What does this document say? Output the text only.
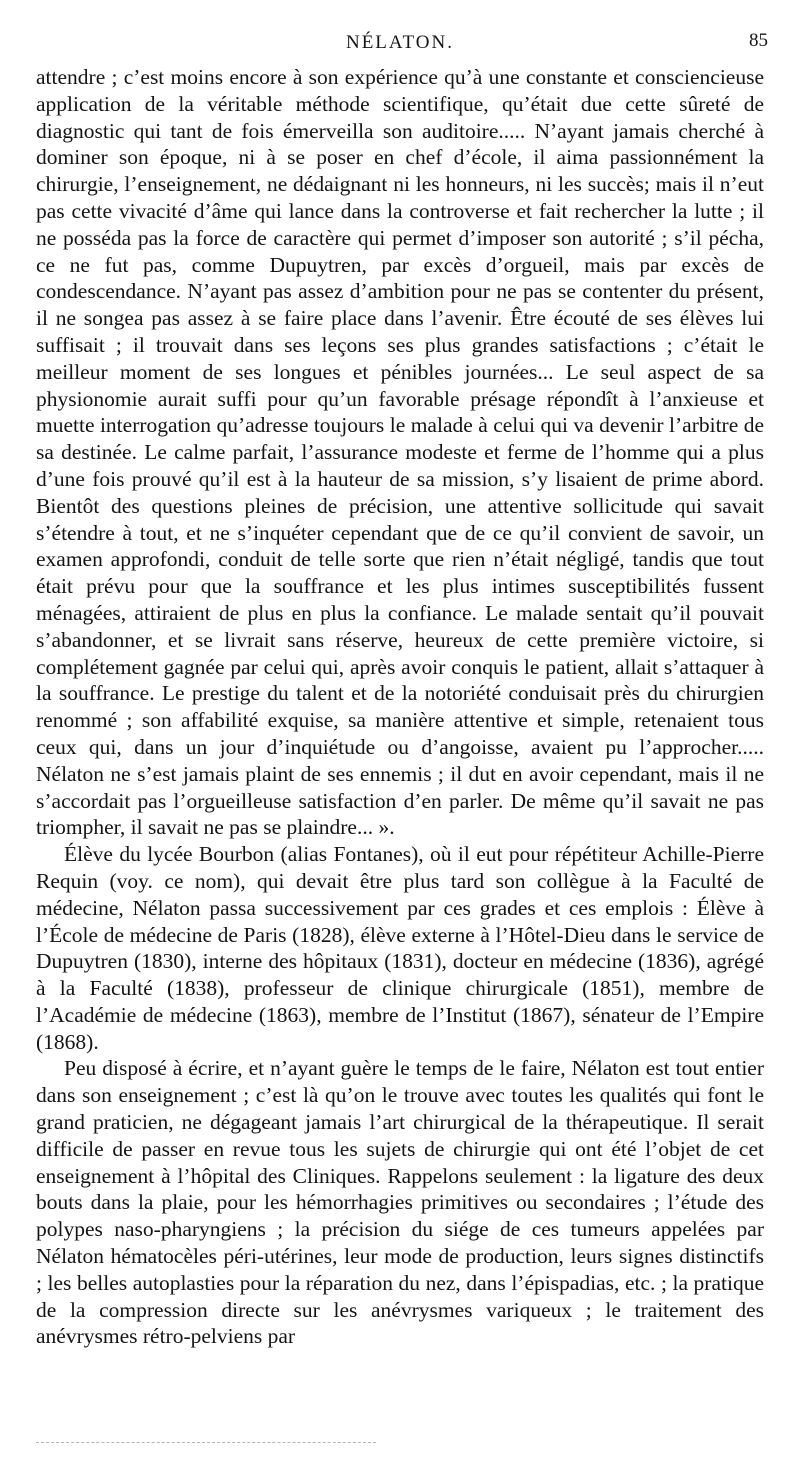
NÉLATON.	85

attendre ; c’est moins encore à son expérience qu’à une constante et consciencieuse application de la véritable méthode scientifique, qu’était due cette sûreté de diagnostic qui tant de fois émerveilla son auditoire..... N’ayant jamais cherché à dominer son époque, ni à se poser en chef d’école, il aima passionnément la chirurgie, l’enseignement, ne dédaignant ni les honneurs, ni les succès; mais il n’eut pas cette vivacité d’âme qui lance dans la controverse et fait rechercher la lutte ; il ne posséda pas la force de caractère qui permet d’imposer son autorité ; s’il pécha, ce ne fut pas, comme Dupuytren, par excès d’orgueil, mais par excès de condescendance. N’ayant pas assez d’ambition pour ne pas se contenter du présent, il ne songea pas assez à se faire place dans l’avenir. Être écouté de ses élèves lui suffisait ; il trouvait dans ses leçons ses plus grandes satisfactions ; c’était le meilleur moment de ses longues et pénibles journées... Le seul aspect de sa physionomie aurait suffi pour qu’un favorable présage répondît à l’anxieuse et muette interrogation qu’adresse toujours le malade à celui qui va devenir l’arbitre de sa destinée. Le calme parfait, l’assurance modeste et ferme de l’homme qui a plus d’une fois prouvé qu’il est à la hauteur de sa mission, s’y lisaient de prime abord. Bientôt des questions pleines de précision, une attentive sollicitude qui savait s’étendre à tout, et ne s’inquéter cependant que de ce qu’il convient de savoir, un examen approfondi, conduit de telle sorte que rien n’était négligé, tandis que tout était prévu pour que la souffrance et les plus intimes susceptibilités fussent ménagées, attiraient de plus en plus la confiance. Le malade sentait qu’il pouvait s’abandonner, et se livrait sans réserve, heureux de cette première victoire, si complétement gagnée par celui qui, après avoir conquis le patient, allait s’attaquer à la souffrance. Le prestige du talent et de la notoriété conduisait près du chirurgien renommé ; son affabilité exquise, sa manière attentive et simple, retenaient tous ceux qui, dans un jour d’inquiétude ou d’angoisse, avaient pu l’approcher..... Nélaton ne s’est jamais plaint de ses ennemis ; il dut en avoir cependant, mais il ne s’accordait pas l’orgueilleuse satisfaction d’en parler. De même qu’il savait ne pas triompher, il savait ne pas se plaindre... ».

Élève du lycée Bourbon (alias Fontanes), où il eut pour répétiteur Achille-Pierre Requin (voy. ce nom), qui devait être plus tard son collègue à la Faculté de médecine, Nélaton passa successivement par ces grades et ces emplois : Élève à l’École de médecine de Paris (1828), élève externe à l’Hôtel-Dieu dans le service de Dupuytren (1830), interne des hôpitaux (1831), docteur en médecine (1836), agrégé à la Faculté (1838), professeur de clinique chirurgicale (1851), membre de l’Académie de médecine (1863), membre de l’Institut (1867), sénateur de l’Empire (1868).

Peu disposé à écrire, et n’ayant guère le temps de le faire, Nélaton est tout entier dans son enseignement ; c’est là qu’on le trouve avec toutes les qualités qui font le grand praticien, ne dégageant jamais l’art chirurgical de la thérapeutique. Il serait difficile de passer en revue tous les sujets de chirurgie qui ont été l’objet de cet enseignement à l’hôpital des Cliniques. Rappelons seulement : la ligature des deux bouts dans la plaie, pour les hémorrhagies primitives ou secondaires ; l’étude des polypes naso-pharyngiens ; la précision du siége de ces tumeurs appelées par Nélaton hématocèles péri-utérines, leur mode de production, leurs signes distinctifs ; les belles autoplasties pour la réparation du nez, dans l’épispadias, etc. ; la pratique de la compression directe sur les anévrysmes variqueux ; le traitement des anévrysmes rétro-pelviens par
